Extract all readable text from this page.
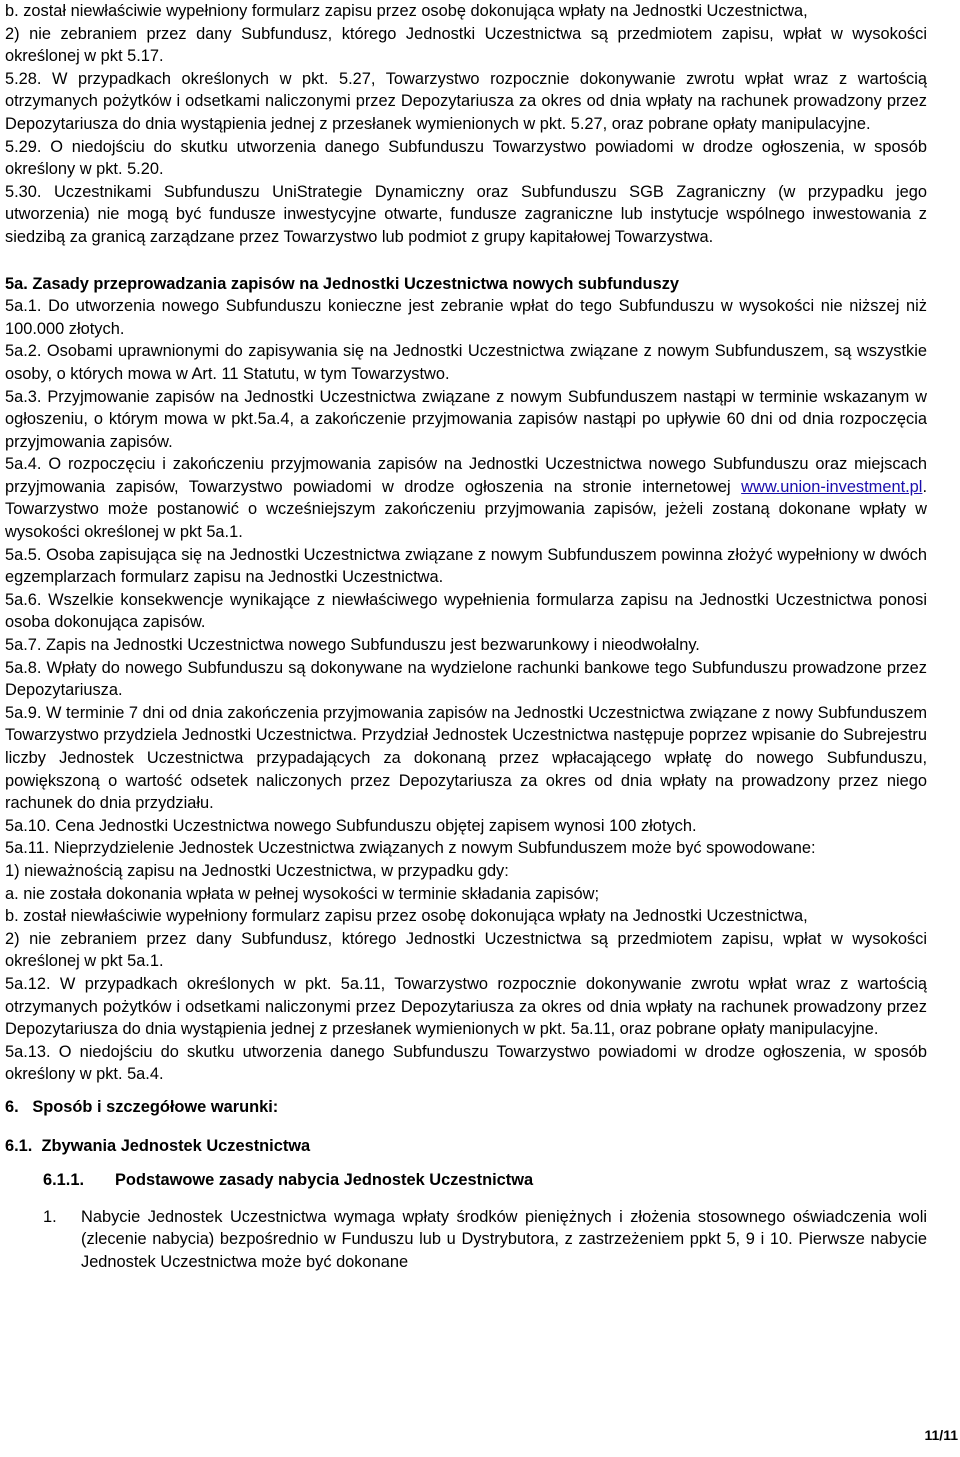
b. został niewłaściwie wypełniony formularz zapisu przez osobę dokonująca wpłaty na Jednostki Uczestnictwa,

2) nie zebraniem przez dany Subfundusz, którego Jednostki Uczestnictwa są przedmiotem zapisu, wpłat w wysokości określonej w pkt 5.17.

5.28. W przypadkach określonych w pkt. 5.27, Towarzystwo rozpocznie dokonywanie zwrotu wpłat wraz z wartością otrzymanych pożytków i odsetkami naliczonymi przez Depozytariusza za okres od dnia wpłaty na rachunek prowadzony przez Depozytariusza do dnia wystąpienia jednej z przesłanek wymienionych w pkt. 5.27, oraz pobrane opłaty manipulacyjne.

5.29. O niedojściu do skutku utworzenia danego Subfunduszu Towarzystwo powiadomi w drodze ogłoszenia, w sposób określony w pkt. 5.20.

5.30. Uczestnikami Subfunduszu UniStrategie Dynamiczny oraz Subfunduszu SGB Zagraniczny (w przypadku jego utworzenia) nie mogą być fundusze inwestycyjne otwarte, fundusze zagraniczne lub instytucje wspólnego inwestowania z siedzibą za granicą zarządzane przez Towarzystwo lub podmiot z grupy kapitałowej Towarzystwa.

5a. Zasady przeprowadzania zapisów na Jednostki Uczestnictwa nowych subfunduszy

5a.1. Do utworzenia nowego Subfunduszu konieczne jest zebranie wpłat do tego Subfunduszu w wysokości nie niższej niż 100.000 złotych.

5a.2. Osobami uprawnionymi do zapisywania się na Jednostki Uczestnictwa związane z nowym Subfunduszem, są wszystkie osoby, o których mowa w Art. 11 Statutu, w tym Towarzystwo.

5a.3. Przyjmowanie zapisów na Jednostki Uczestnictwa związane z nowym Subfunduszem nastąpi w terminie wskazanym w ogłoszeniu, o którym mowa w pkt.5a.4, a zakończenie przyjmowania zapisów nastąpi po upływie 60 dni od dnia rozpoczęcia przyjmowania zapisów.

5a.4. O rozpoczęciu i zakończeniu przyjmowania zapisów na Jednostki Uczestnictwa nowego Subfunduszu oraz miejscach przyjmowania zapisów, Towarzystwo powiadomi w drodze ogłoszenia na stronie internetowej www.union-investment.pl. Towarzystwo może postanowić o wcześniejszym zakończeniu przyjmowania zapisów, jeżeli zostaną dokonane wpłaty w wysokości określonej w pkt 5a.1.

5a.5. Osoba zapisująca się na Jednostki Uczestnictwa związane z nowym Subfunduszem powinna złożyć wypełniony w dwóch egzemplarzach formularz zapisu na Jednostki Uczestnictwa.

5a.6. Wszelkie konsekwencje wynikające z niewłaściwego wypełnienia formularza zapisu na Jednostki Uczestnictwa ponosi osoba dokonująca zapisów.

5a.7. Zapis na Jednostki Uczestnictwa nowego Subfunduszu jest bezwarunkowy i nieodwołalny.

5a.8. Wpłaty do nowego Subfunduszu są dokonywane na wydzielone rachunki bankowe tego Subfunduszu prowadzone przez Depozytariusza.

5a.9. W terminie 7 dni od dnia zakończenia przyjmowania zapisów na Jednostki Uczestnictwa związane z nowy Subfunduszem Towarzystwo przydziela Jednostki Uczestnictwa. Przydział Jednostek Uczestnictwa następuje poprzez wpisanie do Subrejestru liczby Jednostek Uczestnictwa przypadających za dokonaną przez wpłacającego wpłatę do nowego Subfunduszu, powiększoną o wartość odsetek naliczonych przez Depozytariusza za okres od dnia wpłaty na prowadzony przez niego rachunek do dnia przydziału.

5a.10. Cena Jednostki Uczestnictwa nowego Subfunduszu objętej zapisem wynosi 100 złotych.

5a.11. Nieprzydzielenie Jednostek Uczestnictwa związanych z nowym Subfunduszem może być spowodowane:

1) nieważnością zapisu na Jednostki Uczestnictwa, w przypadku gdy:

a. nie została dokonania wpłata w pełnej wysokości w terminie składania zapisów;

b. został niewłaściwie wypełniony formularz zapisu przez osobę dokonująca wpłaty na Jednostki Uczestnictwa,

2) nie zebraniem przez dany Subfundusz, którego Jednostki Uczestnictwa są przedmiotem zapisu, wpłat w wysokości określonej w pkt 5a.1.

5a.12. W przypadkach określonych w pkt. 5a.11, Towarzystwo rozpocznie dokonywanie zwrotu wpłat wraz z wartością otrzymanych pożytków i odsetkami naliczonymi przez Depozytariusza za okres od dnia wpłaty na rachunek prowadzony przez Depozytariusza do dnia wystąpienia jednej z przesłanek wymienionych w pkt. 5a.11, oraz pobrane opłaty manipulacyjne.

5a.13. O niedojściu do skutku utworzenia danego Subfunduszu Towarzystwo powiadomi w drodze ogłoszenia, w sposób określony w pkt. 5a.4.

6. Sposób i szczegółowe warunki:
6.1. Zbywania Jednostek Uczestnictwa
6.1.1.	Podstawowe zasady nabycia Jednostek Uczestnictwa
1.	Nabycie Jednostek Uczestnictwa wymaga wpłaty środków pieniężnych i złożenia stosownego oświadczenia woli (zlecenie nabycia) bezpośrednio w Funduszu lub u Dystrybutora, z zastrzeżeniem ppkt 5, 9 i 10. Pierwsze nabycie Jednostek Uczestnictwa może być dokonane
11/11
